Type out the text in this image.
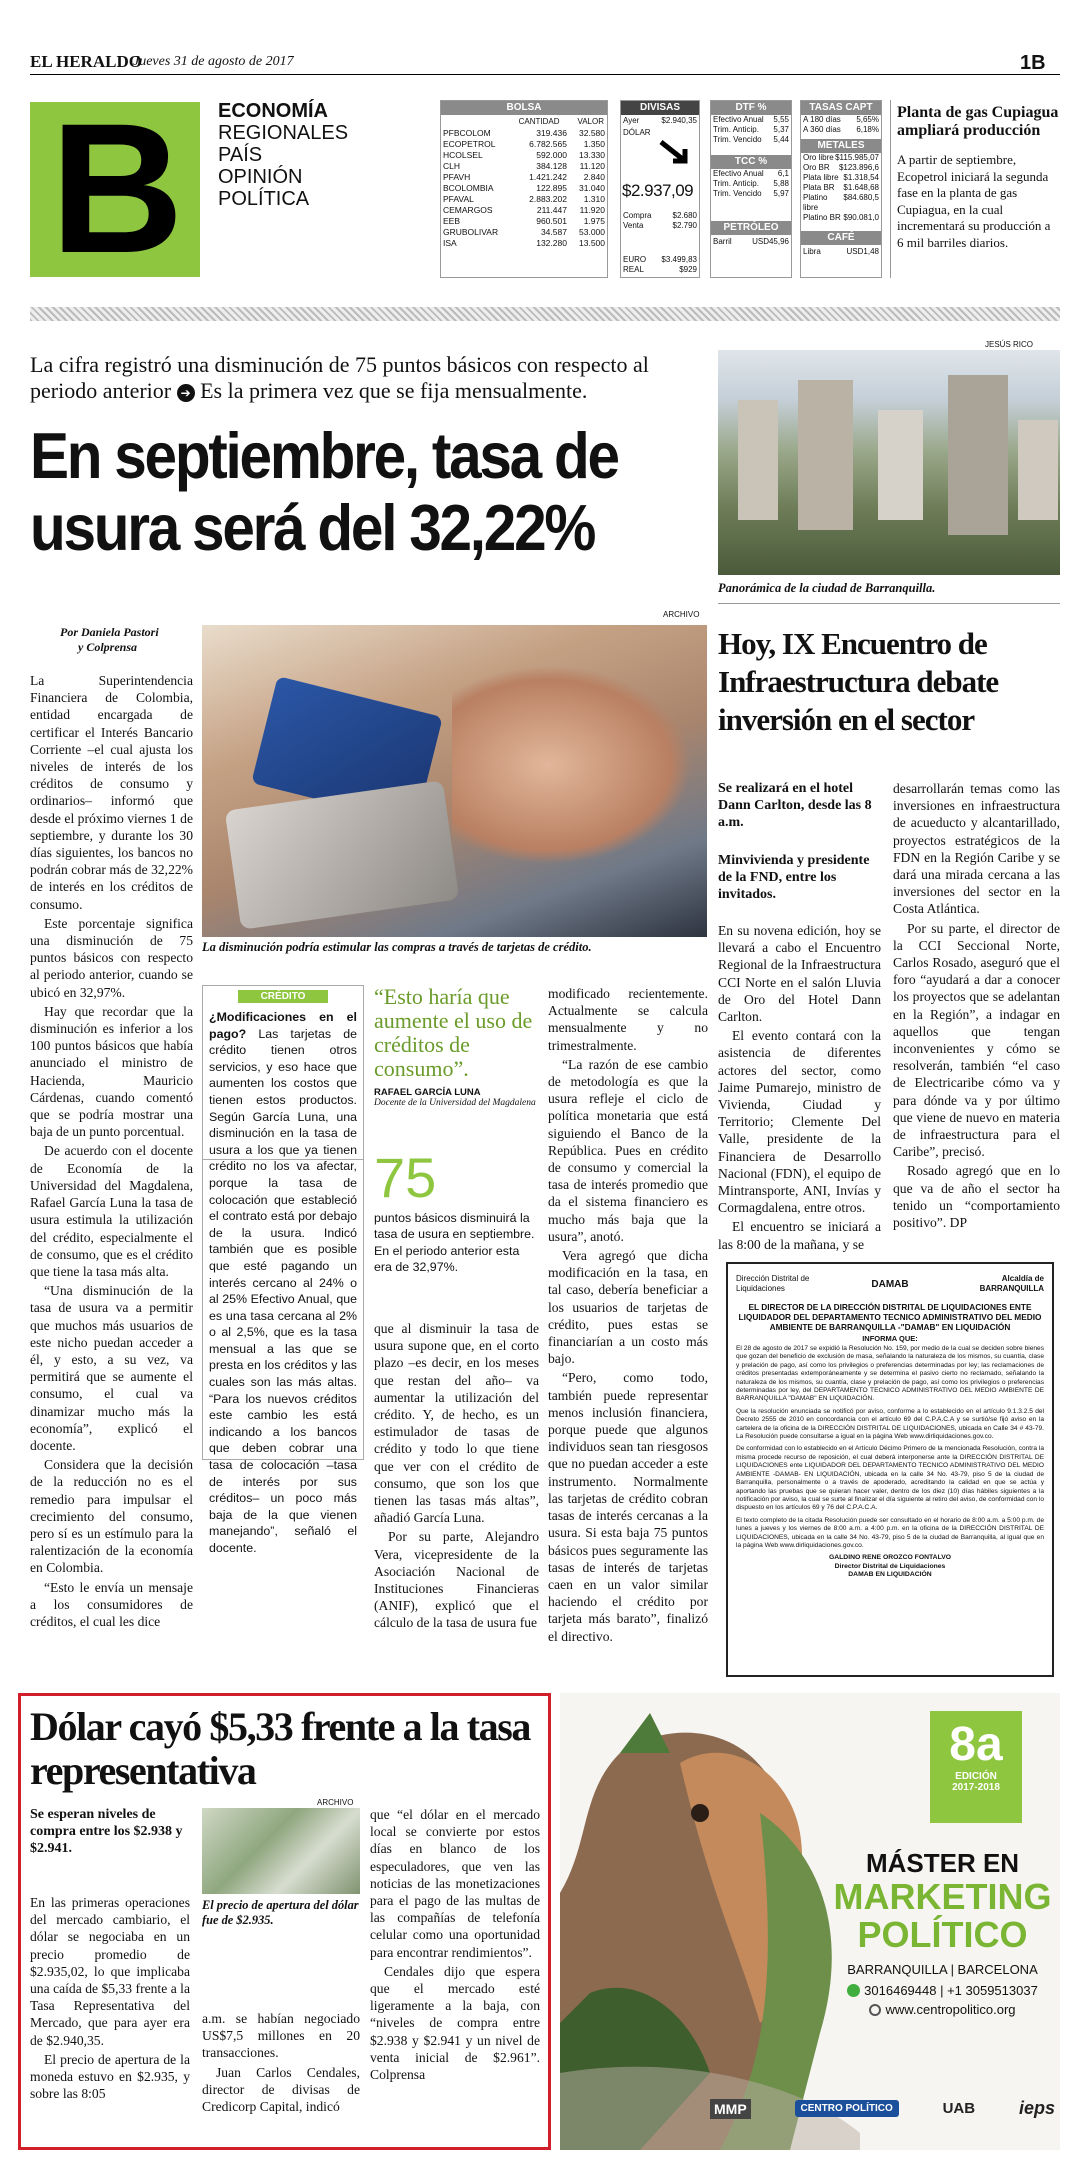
EL HERALDO
Jueves 31 de agosto de 2017	1B
B	ECONOMÍA
REGIONALES
PAÍS
OPINIÓN
POLÍTICA
BOLSA
CANTIDAD VALOR
PFBCOLOM	319.436	32.580
ECOPETROL	6.782.565	1.350
HCOLSEL	592.000	13.330
CLH	384.128	11.120
PFAVH	1.421.242	2.840
BCOLOMBIA	122.895	31.040
PFAVAL	2.883.202	1.310
CEMARGOS	211.447	11.920
EEB	960.501	1.975
GRUBOLIVAR	34.587	53.000
ISA	132.280	13.500
DIVISAS
Ayer	$2.940,35
DÓLAR
$2.937,09
Compra	$2.680
Venta	$2.790
EURO $3.499,83
REAL	$929
DTF %
Efectivo Anual 5,55
Trim. Anticip. 5,37
Trim. Vencido 5,44
TCC %
Efectivo Anual 6,1
Trim. Anticip. 5,88
Trim. Vencido 5,97
PETRÓLEO
Barril	USD45,96
TASAS CAPT
A 180 días 5,65%
A 360 días 6,18%
METALES
Oro libre $115.985,07
Oro BR $123.896,6
Plata libre $1.318,54
Plata BR $1.648,68
Platino libre
$84.680,5
Platino BR $90.081,0
CAFÉ
Libra	USD1,48
Planta de gas Cupiagua ampliará producción
A partir de septiembre, Ecopetrol iniciará la segunda fase en la planta de gas Cupiagua, en la cual incrementará su producción a 6 mil barriles diarios.
La cifra registró una disminución de 75 puntos básicos con respecto al periodo anterior ➔ Es la primera vez que se fija mensualmente.
En septiembre, tasa de usura será del 32,22%
Por Daniela Pastori
y Colprensa
ARCHIVO
La disminución podría estimular las compras a través de tarjetas de crédito.

La Superintendencia Financiera de Colombia, entidad encargada de certificar el Interés Bancario Corriente –el cual ajusta los niveles de interés de los créditos de consumo y ordinarios– informó que desde el próximo viernes 1 de septiembre, y durante los 30 días siguientes, los bancos no podrán cobrar más de 32,22% de interés en los créditos de consumo.

Este porcentaje significa una disminución de 75 puntos básicos con respecto al periodo anterior, cuando se ubicó en 32,97%.

Hay que recordar que la disminución es inferior a los 100 puntos básicos que había anunciado el ministro de Hacienda, Mauricio Cárdenas, cuando comentó que se podría mostrar una baja de un punto porcentual.

De acuerdo con el docente de Economía de la Universidad del Magdalena, Rafael García Luna la tasa de usura estimula la utilización del crédito, especialmente el de consumo, que es el crédito que tiene la tasa más alta.

“Una disminución de la tasa de usura va a permitir que muchos más usuarios de este nicho puedan acceder a él, y esto, a su vez, va permitirá que se aumente el consumo, el cual va dinamizar mucho más la economía”, explicó el docente.

Considera que la decisión de la reducción no es el remedio para impulsar el crecimiento del consumo, pero sí es un estímulo para la ralentización de la economía en Colombia.

“Esto le envía un mensaje a los consumidores de créditos, el cual les dice

CRÉDITO
¿Modificaciones en el pago? Las tarjetas de crédito tienen otros servicios, y eso hace que aumenten los costos que tienen estos productos. Según García Luna, una disminución en la tasa de usura a los que ya tienen crédito no los va afectar, porque la tasa de colocación que estableció el contrato está por debajo de la usura. Indicó también que es posible que esté pagando un interés cercano al 24% o al 25% Efectivo Anual, que es una tasa cercana al 2% o al 2,5%, que es la tasa mensual a las que se presta en los créditos y las cuales son las más altas. “Para los nuevos créditos este cambio les está indicando a los bancos que deben cobrar una tasa de colocación –tasa de interés por sus créditos– un poco más baja de la que vienen manejando”, señaló el docente.
“Esto haría que aumente el uso de créditos de consumo”.
RAFAEL GARCÍA LUNA
Docente de la Universidad del Magdalena
75
puntos básicos disminuirá la tasa de usura en septiembre. En el periodo anterior esta era de 32,97%.

que al disminuir la tasa de usura supone que, en el corto plazo –es decir, en los meses que restan del año– va aumentar la utilización del crédito. Y, de hecho, es un estimulador de tasas de crédito y todo lo que tiene que ver con el crédito de consumo, que son los que tienen las tasas más altas”, añadió García Luna.

Por su parte, Alejandro Vera, vicepresidente de la Asociación Nacional de Instituciones Financieras (ANIF), explicó que el cálculo de la tasa de usura fue

modificado recientemente. Actualmente se calcula mensualmente y no trimestralmente.

“La razón de ese cambio de metodología es que la usura refleje el ciclo de política monetaria que está siguiendo el Banco de la República. Pues en crédito de consumo y comercial la tasa de interés promedio que da el sistema financiero es mucho más baja que la usura”, anotó.

Vera agregó que dicha modificación en la tasa, en tal caso, debería beneficiar a los usuarios de tarjetas de crédito, pues estas se financiarían a un costo más bajo.

“Pero, como todo, también puede representar menos inclusión financiera, porque puede que algunos individuos sean tan riesgosos que no puedan acceder a este instrumento. Normalmente las tarjetas de crédito cobran tasas de interés cercanas a la usura. Si esta baja 75 puntos básicos pues seguramente las tasas de interés de tarjetas caen en un valor similar haciendo el crédito por tarjeta más barato”, finalizó el directivo.

JESÚS RICO
Panorámica de la ciudad de Barranquilla.
Hoy, IX Encuentro de Infraestructura debate inversión en el sector
Se realizará en el hotel Dann Carlton, desde las 8 a.m.
Minvivienda y presidente de la FND, entre los invitados.

En su novena edición, hoy se llevará a cabo el Encuentro Regional de la Infraestructura CCI Norte en el salón Lluvia de Oro del Hotel Dann Carlton.

El evento contará con la asistencia de diferentes actores del sector, como Jaime Pumarejo, ministro de Vivienda, Ciudad y Territorio; Clemente Del Valle, presidente de la Financiera de Desarrollo Nacional (FDN), el equipo de Mintransporte, ANI, Invías y Cormagdalena, entre otros.

El encuentro se iniciará a las 8:00 de la mañana, y se

desarrollarán temas como las inversiones en infraestructura de acueducto y alcantarillado, proyectos estratégicos de la FDN en la Región Caribe y se dará una mirada cercana a las inversiones del sector en la Costa Atlántica.

Por su parte, el director de la CCI Seccional Norte, Carlos Rosado, aseguró que el foro “ayudará a dar a conocer los proyectos que se adelantan en la Región”, a indagar en aquellos que tengan inconvenientes y cómo se resolverán, también “el caso de Electricaribe cómo va y para dónde va y por último que viene de nuevo en materia de infraestructura para el Caribe”, precisó.

Rosado agregó que en lo que va de año el sector ha tenido un “comportamiento positivo”. DP

Dirección Distrital de Liquidaciones	DAMAB	Alcaldía de BARRANQUILLA
EL DIRECTOR DE LA DIRECCIÓN DISTRITAL DE LIQUIDACIONES ENTE LIQUIDADOR DEL DEPARTAMENTO TECNICO ADMINISTRATIVO DEL MEDIO AMBIENTE DE BARRANQUILLA -"DAMAB" EN LIQUIDACIÓN
INFORMA QUE:

El 28 de agosto de 2017 se expidió la Resolución No. 159, por medio de la cual se deciden sobre bienes que gozan del beneficio de exclusión de masa, señalando la naturaleza de los mismos, su cuantía, clase y prelación de pago, así como los privilegios o preferencias determinadas por ley; las reclamaciones de créditos presentadas extemporáneamente y se determina el pasivo cierto no reclamado, señalando la naturaleza de los mismos, su cuantía, clase y prelación de pago, así como los privilegios o preferencias determinadas por ley, del DEPARTAMENTO TECNICO ADMINISTRATIVO DEL MEDIO AMBIENTE DE BARRANQUILLA "DAMAB" EN LIQUIDACIÓN.

Que la resolución enunciada se notificó por aviso, conforme a lo establecido en el artículo 9.1.3.2.5 del Decreto 2555 de 2010 en concordancia con el artículo 69 del C.P.A.C.A y se surtió/se fijó aviso en la cartelera de la oficina de la DIRECCIÓN DISTRITAL DE LIQUIDACIONES, ubicada en Calle 34 # 43-79. La Resolución puede consultarse a igual en la página Web www.dirliquidaciones.gov.co.

De conformidad con lo establecido en el Artículo Décimo Primero de la mencionada Resolución, contra la misma procede recurso de reposición, el cual deberá interponerse ante la DIRECCIÓN DISTRITAL DE LIQUIDACIONES ente LIQUIDADOR DEL DEPARTAMENTO TECNICO ADMINISTRATIVO DEL MEDIO AMBIENTE -DAMAB- EN LIQUIDACIÓN, ubicada en la calle 34 No. 43-79, piso 5 de la ciudad de Barranquilla, personalmente o a través de apoderado, acreditando la calidad en que se actúa y aportando las pruebas que se quieran hacer valer, dentro de los diez (10) días hábiles siguientes a la notificación por aviso, la cual se surte al finalizar el día siguiente al retiro del aviso, de conformidad con lo dispuesto en los artículos 69 y 76 del C.P.A.C.A.

El texto completo de la citada Resolución puede ser consultado en el horario de 8:00 a.m. a 5:00 p.m. de lunes a jueves y los viernes de 8:00 a.m. a 4:00 p.m. en la oficina de la DIRECCIÓN DISTRITAL DE LIQUIDACIONES, ubicada en la calle 34 No. 43-79, piso 5 de la ciudad de Barranquilla, al igual que en la página Web www.dirliquidaciones.gov.co.

GALDINO RENE OROZCO FONTALVO
Director Distrital de Liquidaciones
DAMAB EN LIQUIDACIÓN
Dólar cayó $5,33 frente a la tasa representativa
Se esperan niveles de compra entre los $2.938 y $2.941.

En las primeras operaciones del mercado cambiario, el dólar se negociaba en un precio promedio de $2.935,02, lo que implicaba una caída de $5,33 frente a la Tasa Representativa del Mercado, que para ayer era de $2.940,35.

El precio de apertura de la moneda estuvo en $2.935, y sobre las 8:05

ARCHIVO
El precio de apertura del dólar fue de $2.935.

a.m. se habían negociado US$7,5 millones en 20 transacciones.

Juan Carlos Cendales, director de divisas de Credicorp Capital, indicó

que “el dólar en el mercado local se convierte por estos días en blanco de los especuladores, que ven las noticias de las monetizaciones para el pago de las multas de las compañías de telefonía celular como una oportunidad para encontrar rendimientos”.

Cendales dijo que espera que el mercado esté ligeramente a la baja, con “niveles de compra entre $2.938 y $2.941 y un nivel de venta inicial de $2.961”. Colprensa

8a
EDICIÓN
2017-2018
MÁSTER EN
MARKETING
POLÍTICO
BARRANQUILLA | BARCELONA
3016469448 | +1 3059513037
www.centropolitico.org
MMP	CENTRO POLÍTICO	UAB ieps
